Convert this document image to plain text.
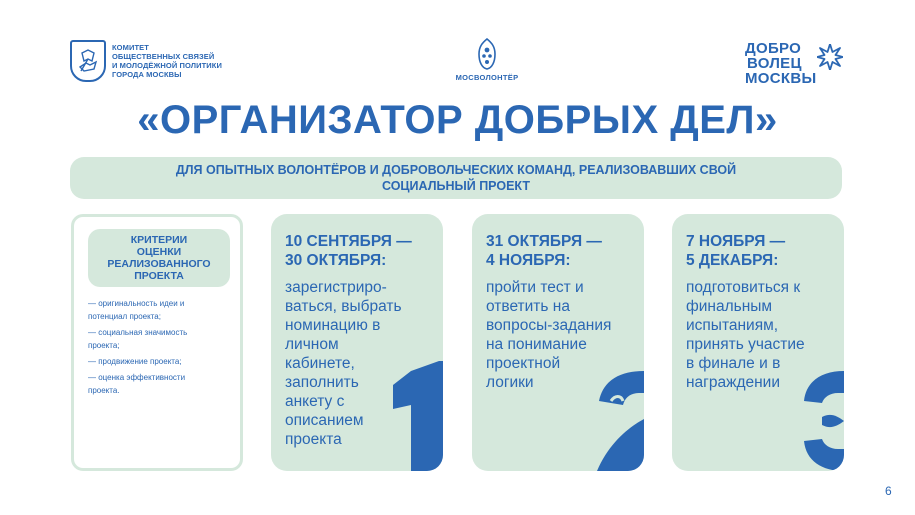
КОМИТЕТ
ОБЩЕСТВЕННЫХ СВЯЗЕЙ
И МОЛОДЁЖНОЙ ПОЛИТИКИ
ГОРОДА МОСКВЫ	МОСВОЛОНТЁР
ДОБРО
ВОЛЕЦ
МОСКВЫ
«ОРГАНИЗАТОР ДОБРЫХ ДЕЛ»
ДЛЯ ОПЫТНЫХ ВОЛОНТЁРОВ И ДОБРОВОЛЬЧЕСКИХ КОМАНД, РЕАЛИЗОВАВШИХ СВОЙ
СОЦИАЛЬНЫЙ ПРОЕКТ
КРИТЕРИИ
ОЦЕНКИ
РЕАЛИЗОВАННОГО
ПРОЕКТА
— оригинальность идеи и
потенциал проекта;
— социальная значимость
проекта;
— продвижение проекта;
— оценка эффективности
проекта.
10 СЕНТЯБРЯ —
30 ОКТЯБРЯ:
зарегистриро-
ваться, выбрать
номинацию в
личном
кабинете,
заполнить
анкету с
описанием
проекта
31 ОКТЯБРЯ —
4 НОЯБРЯ:
пройти тест и
ответить на
вопросы-задания
на понимание
проектной
логики
7 НОЯБРЯ —
5 ДЕКАБРЯ:
подготовиться к
финальным
испытаниям,
принять участие
в финале и в
награждении
6
